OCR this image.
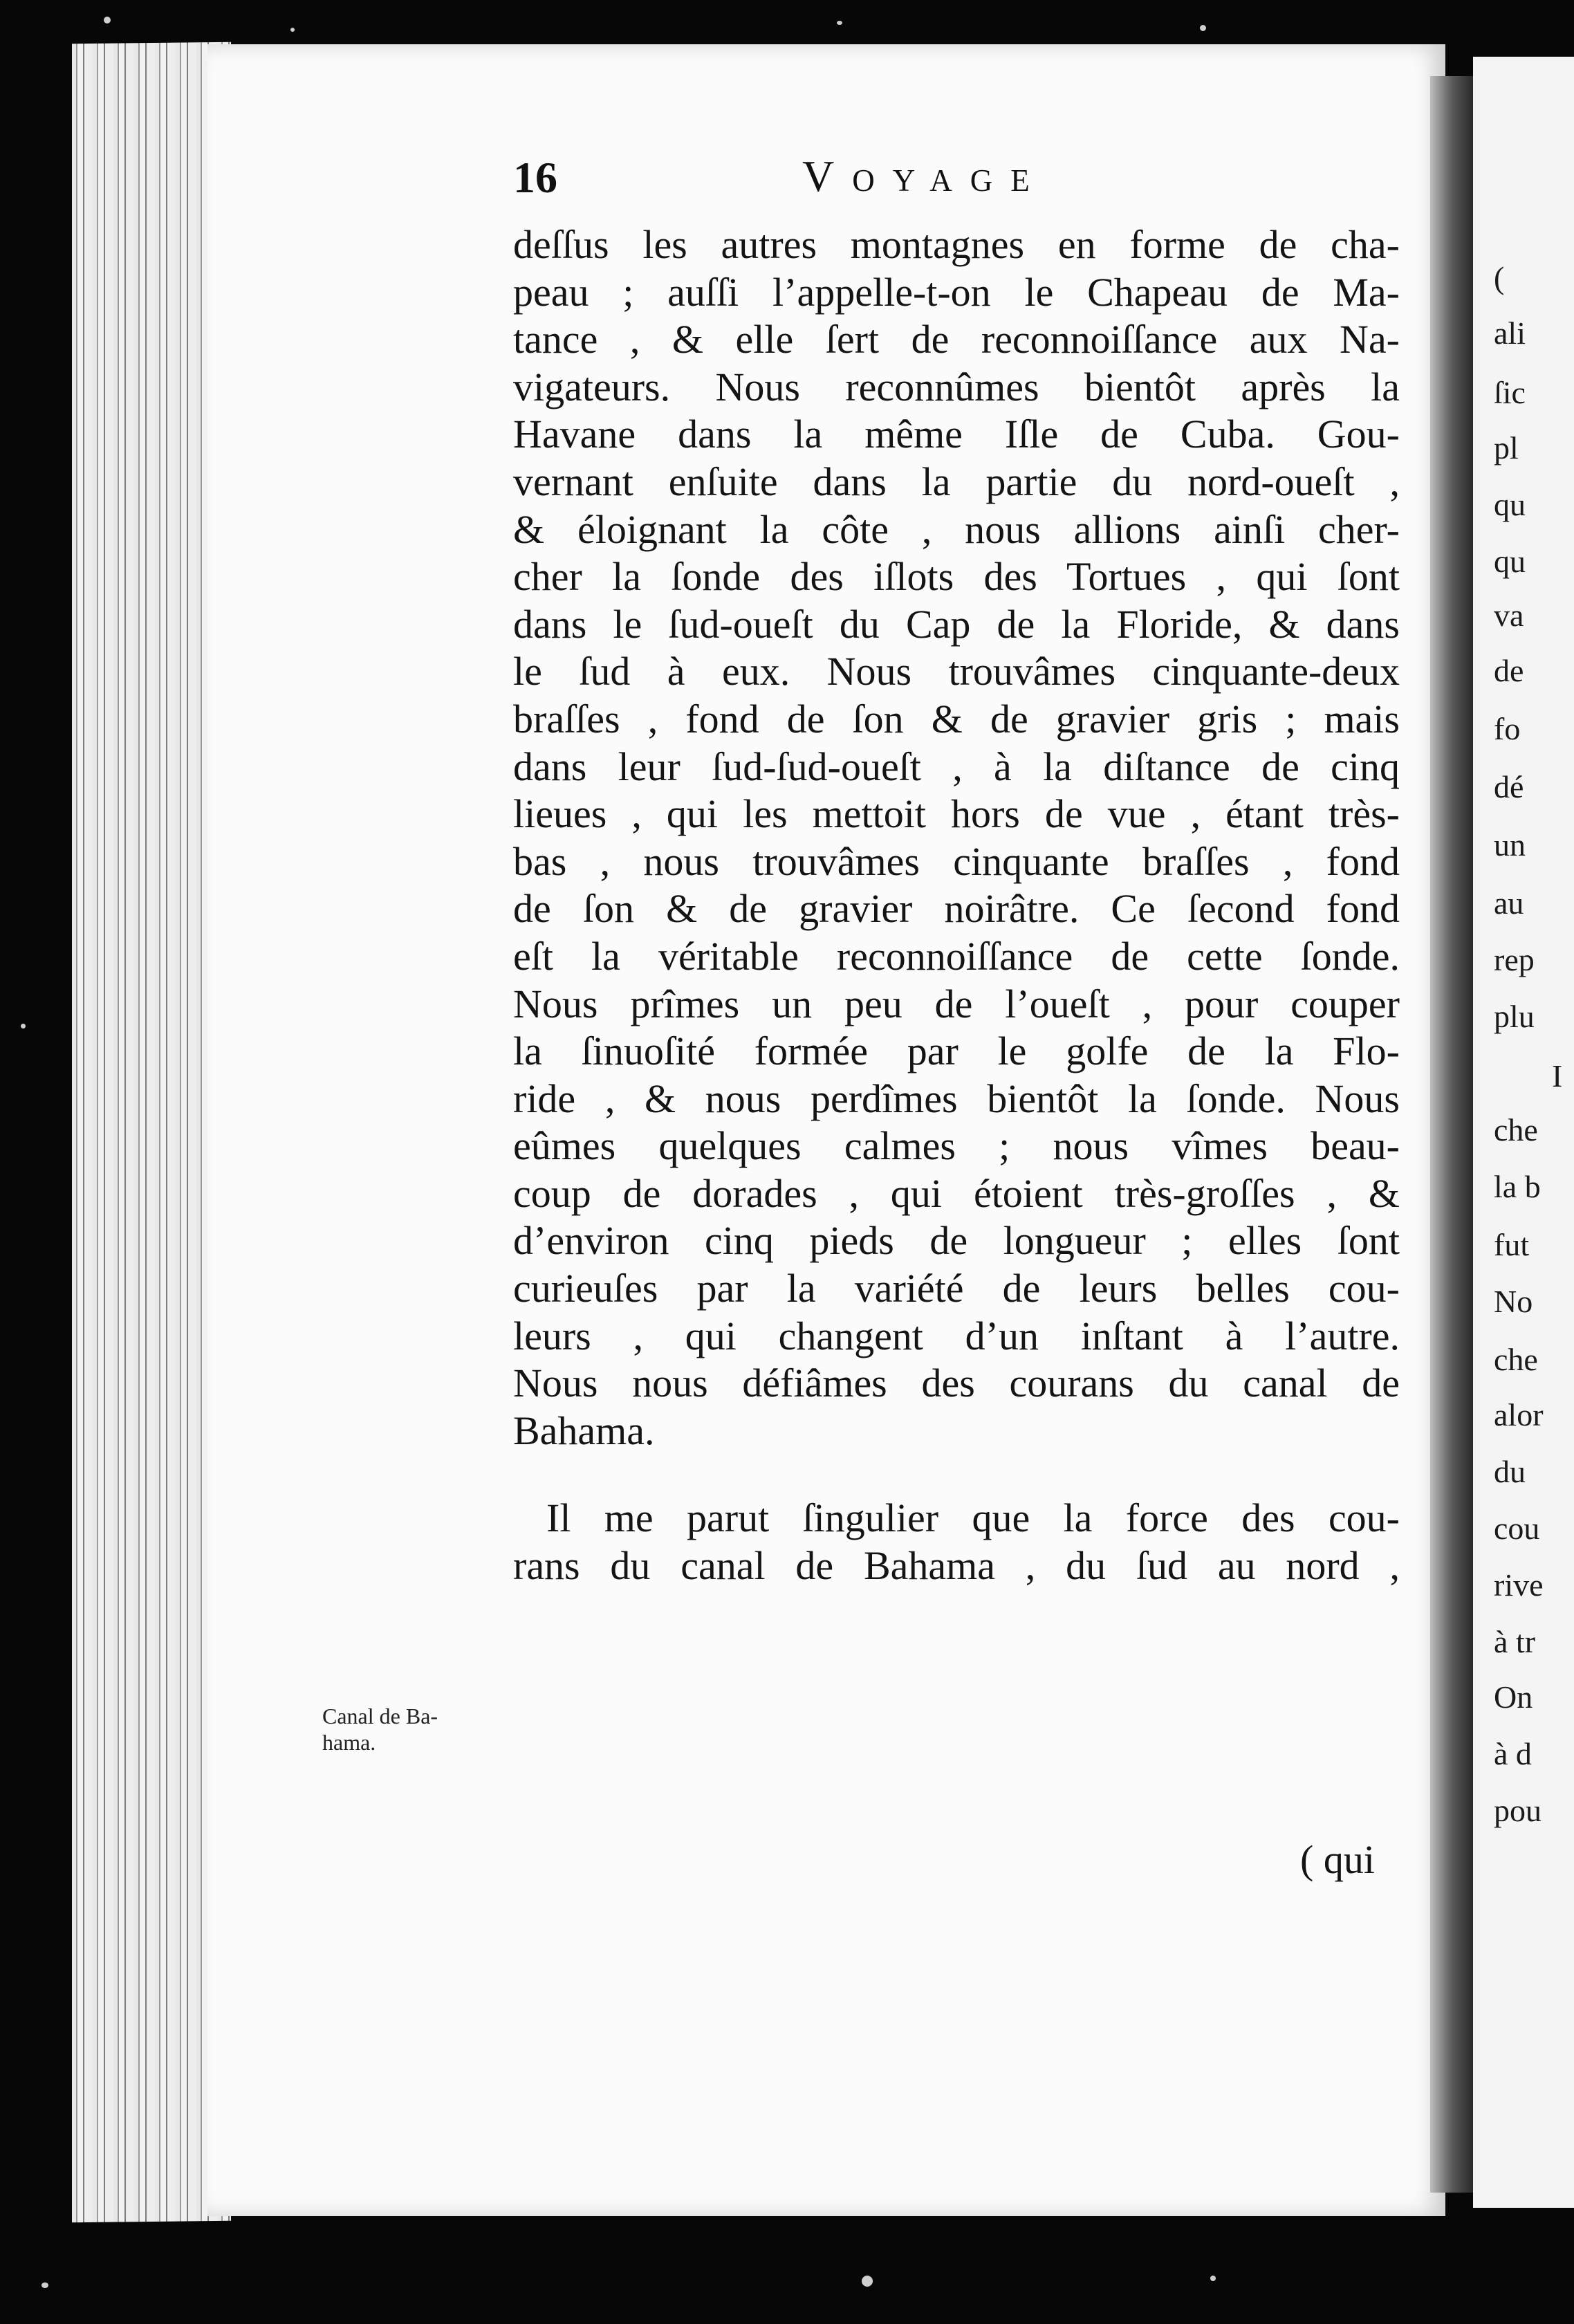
(
ali
ſic
pl
qu
qu
va
de
fo
dé
un
au
rep
plu
I
che
la b
fut
No
che
alor
du
cou
rive
à tr
On
à d
pou
16	Voyage
deſſus les autres montagnes en forme de cha-
peau ; auſſi l’appelle-t-on le Chapeau de Ma-
tance , & elle ſert de reconnoiſſance aux Na-
vigateurs. Nous reconnûmes bientôt après la
Havane dans la même Iſle de Cuba. Gou-
vernant enſuite dans la partie du nord-oueſt ,
& éloignant la côte , nous allions ainſi cher-
cher la ſonde des iſlots des Tortues , qui ſont
dans le ſud-oueſt du Cap de la Floride, & dans
le ſud à eux. Nous trouvâmes cinquante-deux
braſſes , fond de ſon & de gravier gris ; mais
dans leur ſud-ſud-oueſt , à la diſtance de cinq
lieues , qui les mettoit hors de vue , étant très-
bas , nous trouvâmes cinquante braſſes , fond
de ſon & de gravier noirâtre. Ce ſecond fond
eſt la véritable reconnoiſſance de cette ſonde.
Nous prîmes un peu de l’oueſt , pour couper
la ſinuoſité formée par le golfe de la Flo-
ride , & nous perdîmes bientôt la ſonde. Nous
eûmes quelques calmes ; nous vîmes beau-
coup de dorades , qui étoient très-groſſes , &
d’environ cinq pieds de longueur ; elles ſont
curieuſes par la variété de leurs belles cou-
leurs , qui changent d’un inſtant à l’autre.
Nous nous défiâmes des courans du canal de
Bahama.
Il me parut ſingulier que la force des cou-
rans du canal de Bahama , du ſud au nord ,
Canal de Ba-hama.
( qui
